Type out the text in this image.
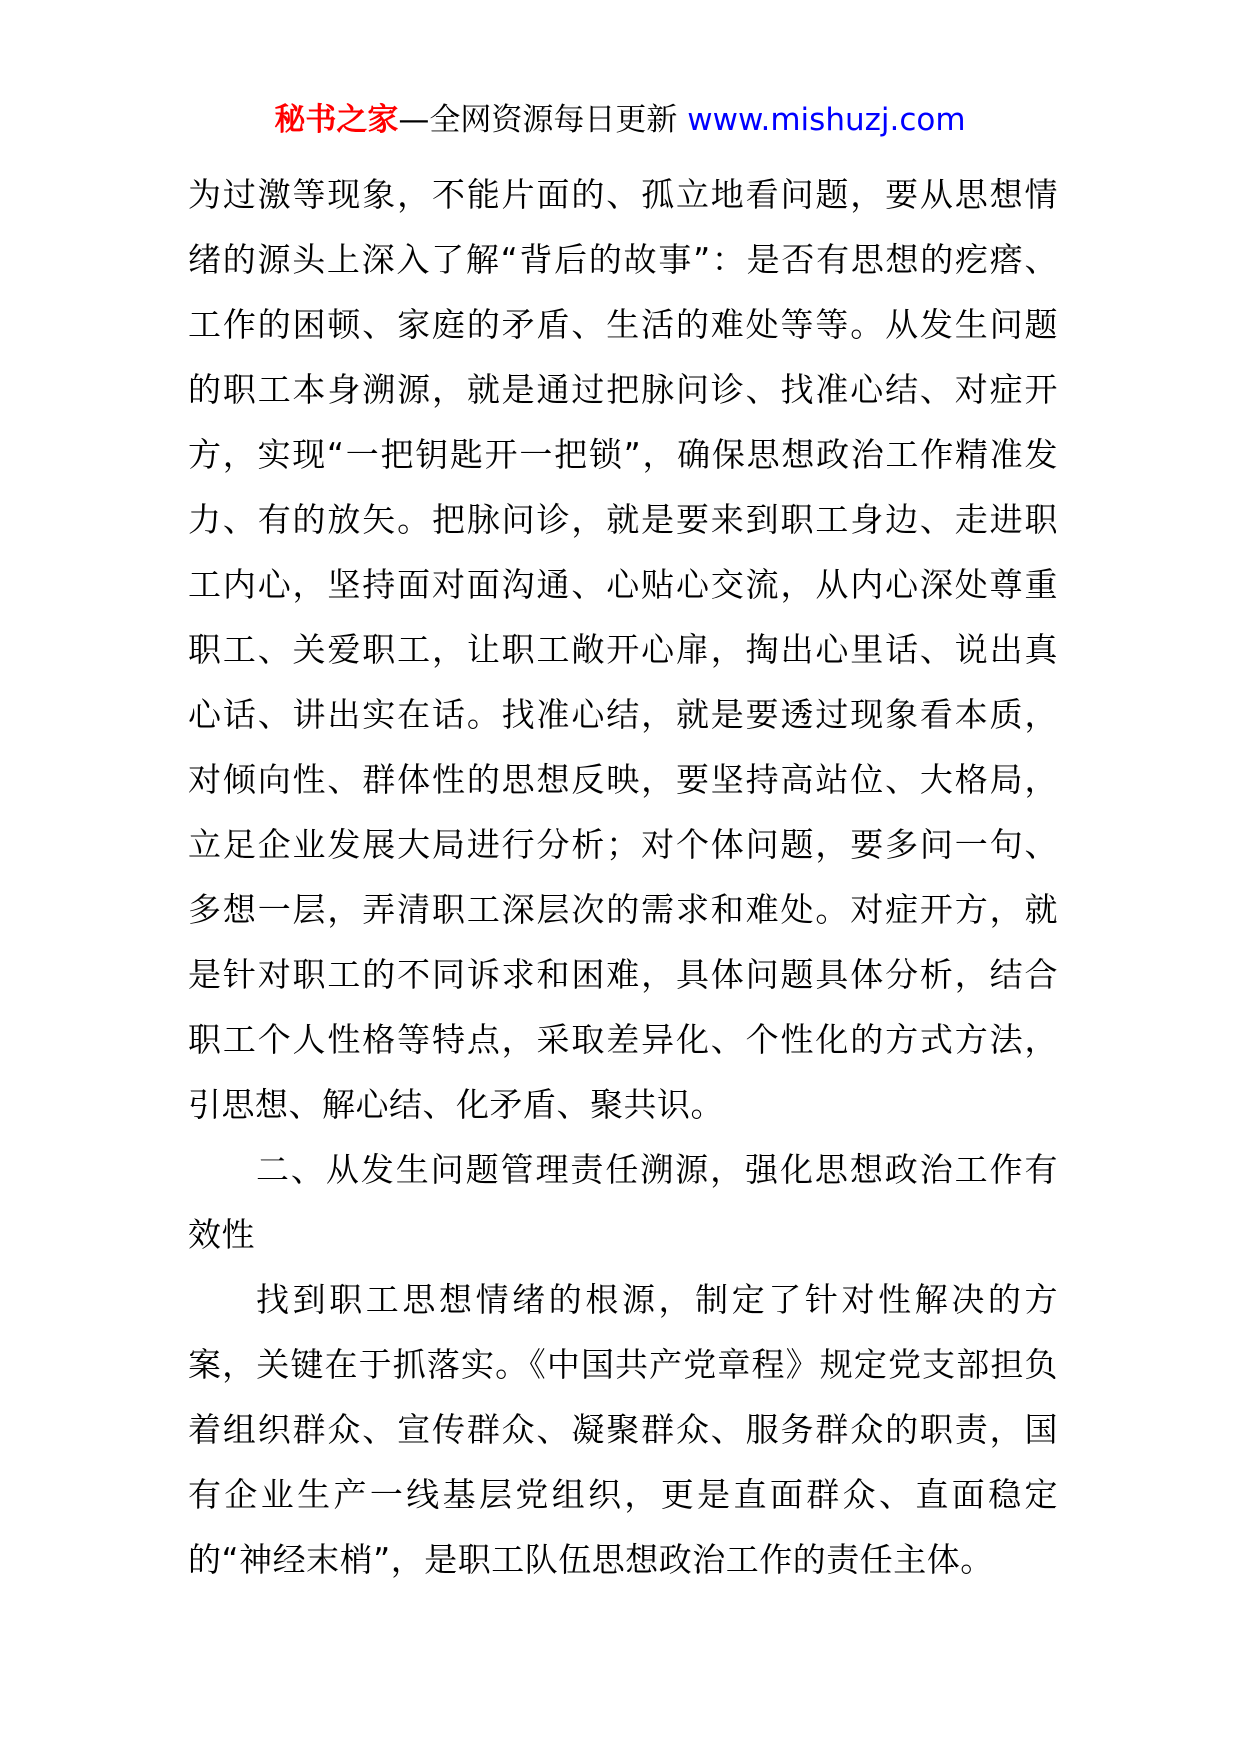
秘书之家—全网资源每日更新 www.mishuzj.com

为过激等现象，不能片面的、孤立地看问题，要从思想情绪的源头上深入了解“背后的故事”：是否有思想的疙瘩、工作的困顿、家庭的矛盾、生活的难处等等。从发生问题的职工本身溯源，就是通过把脉问诊、找准心结、对症开方，实现“一把钥匙开一把锁”，确保思想政治工作精准发力、有的放矢。把脉问诊，就是要来到职工身边、走进职工内心，坚持面对面沟通、心贴心交流，从内心深处尊重职工、关爱职工，让职工敞开心扉，掏出心里话、说出真心话、讲出实在话。找准心结，就是要透过现象看本质，对倾向性、群体性的思想反映，要坚持高站位、大格局，立足企业发展大局进行分析；对个体问题，要多问一句、多想一层，弄清职工深层次的需求和难处。对症开方，就是针对职工的不同诉求和困难，具体问题具体分析，结合职工个人性格等特点，采取差异化、个性化的方式方法，引思想、解心结、化矛盾、聚共识。

二、从发生问题管理责任溯源，强化思想政治工作有效性

找到职工思想情绪的根源，制定了针对性解决的方案，关键在于抓落实。《中国共产党章程》规定党支部担负着组织群众、宣传群众、凝聚群众、服务群众的职责，国有企业生产一线基层党组织，更是直面群众、直面稳定的“神经末梢”，是职工队伍思想政治工作的责任主体。
